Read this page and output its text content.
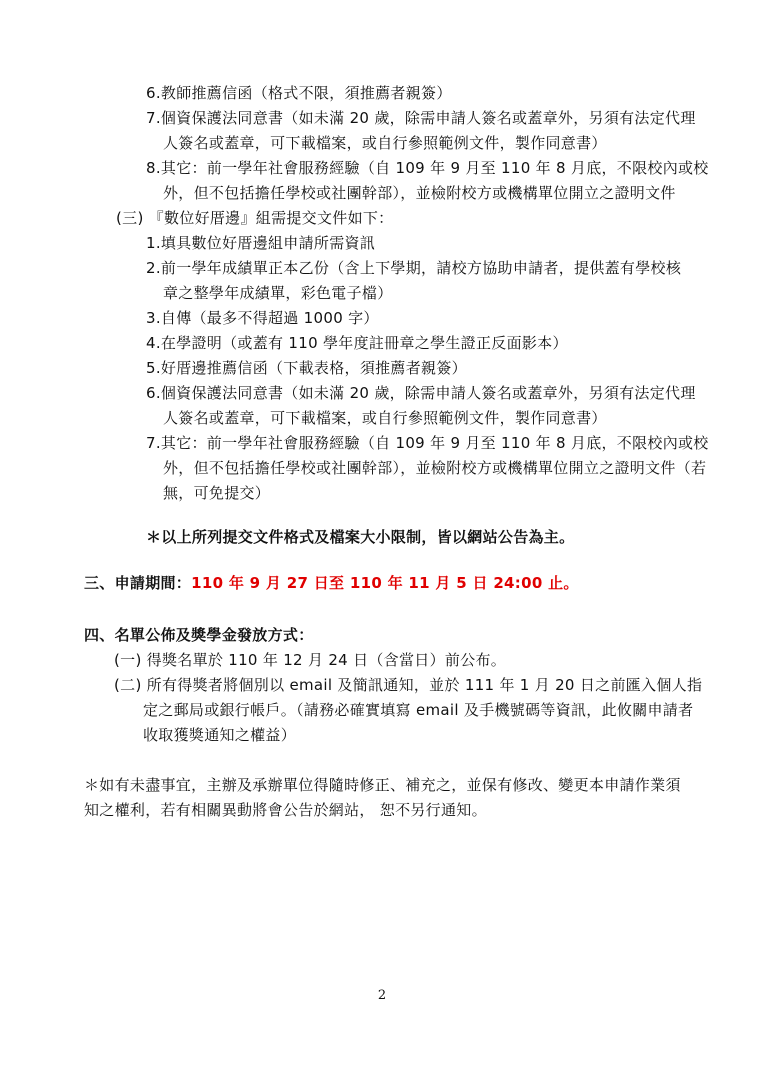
6.教師推薦信函（格式不限，須推薦者親簽）
7.個資保護法同意書（如未滿 20 歲，除需申請人簽名或蓋章外，另須有法定代理
人簽名或蓋章，可下載檔案，或自行參照範例文件，製作同意書）
8.其它：前一學年社會服務經驗（自 109 年 9 月至 110 年 8 月底，不限校內或校
外，但不包括擔任學校或社團幹部），並檢附校方或機構單位開立之證明文件
(三) 『數位好厝邊』組需提交文件如下：
1.填具數位好厝邊組申請所需資訊
2.前一學年成績單正本乙份（含上下學期，請校方協助申請者，提供蓋有學校核
章之整學年成績單，彩色電子檔）
3.自傳（最多不得超過 1000 字）
4.在學證明（或蓋有 110 學年度註冊章之學生證正反面影本）
5.好厝邊推薦信函（下載表格，須推薦者親簽）
6.個資保護法同意書（如未滿 20 歲，除需申請人簽名或蓋章外，另須有法定代理
人簽名或蓋章，可下載檔案，或自行參照範例文件，製作同意書）
7.其它：前一學年社會服務經驗（自 109 年 9 月至 110 年 8 月底，不限校內或校
外，但不包括擔任學校或社團幹部），並檢附校方或機構單位開立之證明文件（若
無，可免提交）
＊以上所列提交文件格式及檔案大小限制，皆以網站公告為主。
三、申請期間：110 年 9 月 27 日至 110 年 11 月 5 日 24:00 止。
四、名單公佈及獎學金發放方式：
(一) 得獎名單於 110 年 12 月 24 日（含當日）前公布。
(二) 所有得獎者將個別以 email 及簡訊通知，並於 111 年 1 月 20 日之前匯入個人指
定之郵局或銀行帳戶。（請務必確實填寫 email 及手機號碼等資訊，此攸關申請者
收取獲獎通知之權益）
＊如有未盡事宜，主辦及承辦單位得隨時修正、補充之，並保有修改、變更本申請作業須
知之權利，若有相關異動將會公告於網站， 恕不另行通知。
2
